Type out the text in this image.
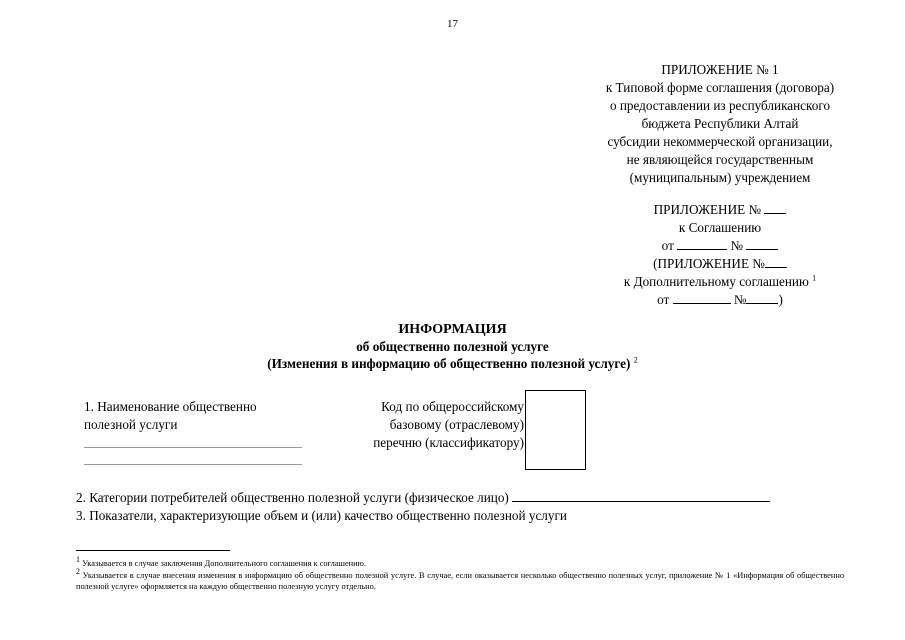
17
ПРИЛОЖЕНИЕ № 1
к Типовой форме соглашения (договора)
о предоставлении из республиканского
бюджета Республики Алтай
субсидии некоммерческой организации,
не являющейся государственным
(муниципальным) учреждением
ПРИЛОЖЕНИЕ №
к Соглашению
от	№
(ПРИЛОЖЕНИЕ №
к Дополнительному соглашению $^1$
от	№ )
ИНФОРМАЦИЯ
об общественно полезной услуге
(Изменения в информацию об общественно полезной услуге) $^2$
1. Наименование общественно
полезной услуги
Код по общероссийскому
базовому (отраслевому)
перечню (классификатору)
2. Категории потребителей общественно полезной услуги (физическое лицо)
3. Показатели, характеризующие объем и (или) качество общественно полезной услуги

$^1$ Указывается в случае заключения Дополнительного соглашения к соглашению.

$^2$ Указывается в случае внесения изменения в информацию об общественно полезной услуге. В случае, если оказывается несколько общественно полезных услуг, приложение № 1 «Информация об общественно полезной услуге» оформляется на каждую общественно полезную услугу отдельно.
